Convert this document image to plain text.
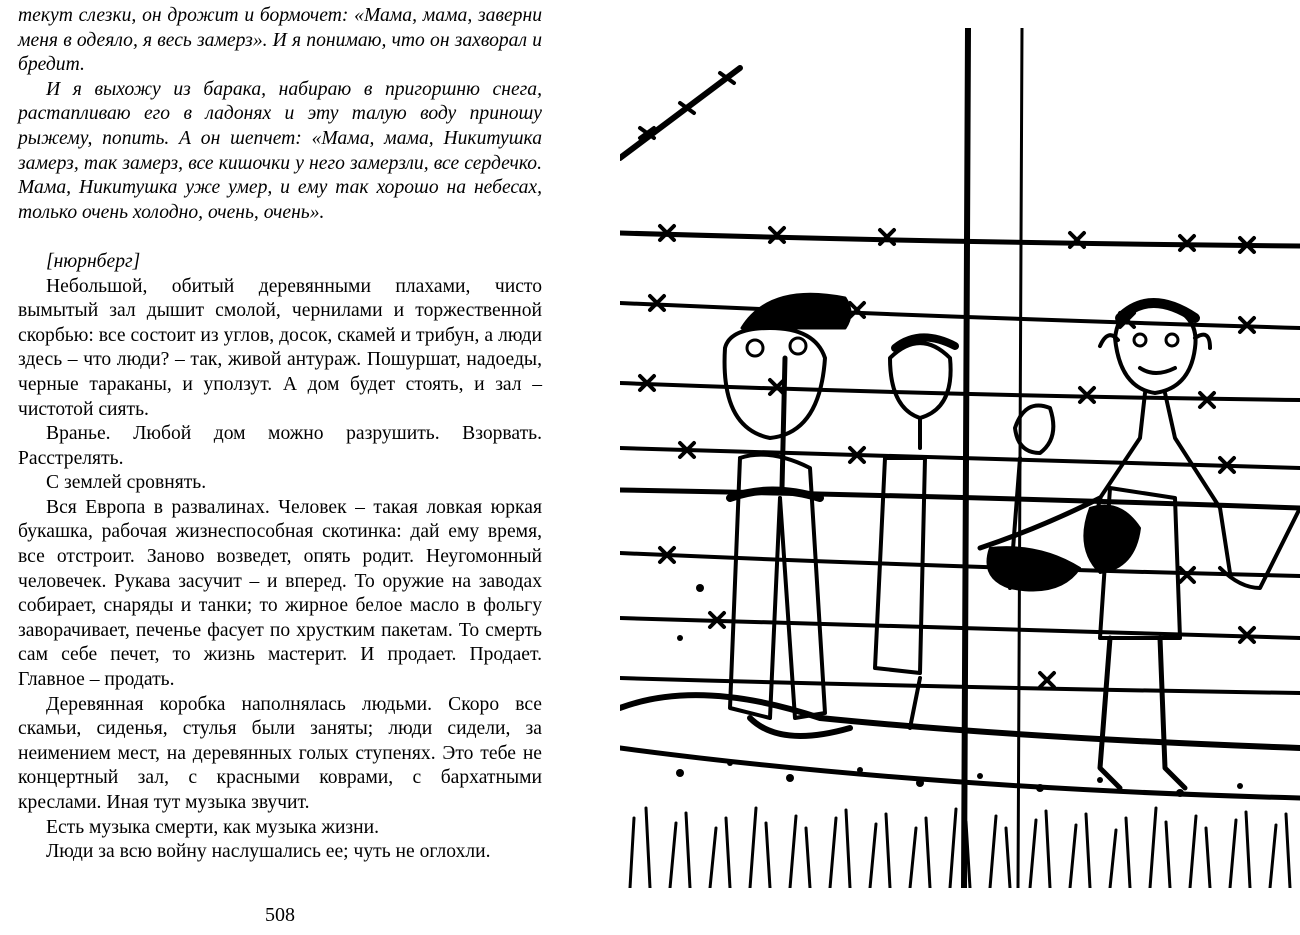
текут слезки, он дрожит и бормочет: «Мама, мама, заверни меня в одеяло, я весь замерз». И я понимаю, что он захворал и бредит.

И я выхожу из барака, набираю в пригоршню снега, растапливаю его в ладонях и эту талую воду приношу рыжему, попить. А он шепчет: «Мама, мама, Никитушка замерз, так замерз, все кишочки у него замерзли, все сердечко. Мама, Никитушка уже умер, и ему так хорошо на небесах, только очень холодно, очень, очень».

[нюрнберг]

Небольшой, обитый деревянными плахами, чисто вымытый зал дышит смолой, чернилами и торжественной скорбью: все состоит из углов, досок, скамей и трибун, а люди здесь – что люди? – так, живой антураж. Пошуршат, надоеды, черные тараканы, и уползут. А дом будет стоять, и зал – чистотой сиять.

Вранье. Любой дом можно разрушить. Взорвать. Расстрелять.

С землей сровнять.

Вся Европа в развалинах. Человек – такая ловкая юркая букашка, рабочая жизнеспособная скотинка: дай ему время, все отстроит. Заново возведет, опять родит. Неугомонный человечек. Рукава засучит – и вперед. То оружие на заводах собирает, снаряды и танки; то жирное белое масло в фольгу заворачивает, печенье фасует по хрустким пакетам. То смерть сам себе печет, то жизнь мастерит. И продает. Продает. Главное – продать.

Деревянная коробка наполнялась людьми. Скоро все скамьи, сиденья, стулья были заняты; люди сидели, за неимением мест, на деревянных голых ступенях. Это тебе не концертный зал, с красными коврами, с бархатными креслами. Иная тут музыка звучит.

Есть музыка смерти, как музыка жизни.

Люди за всю войну наслушались ее; чуть не оглохли.

508
